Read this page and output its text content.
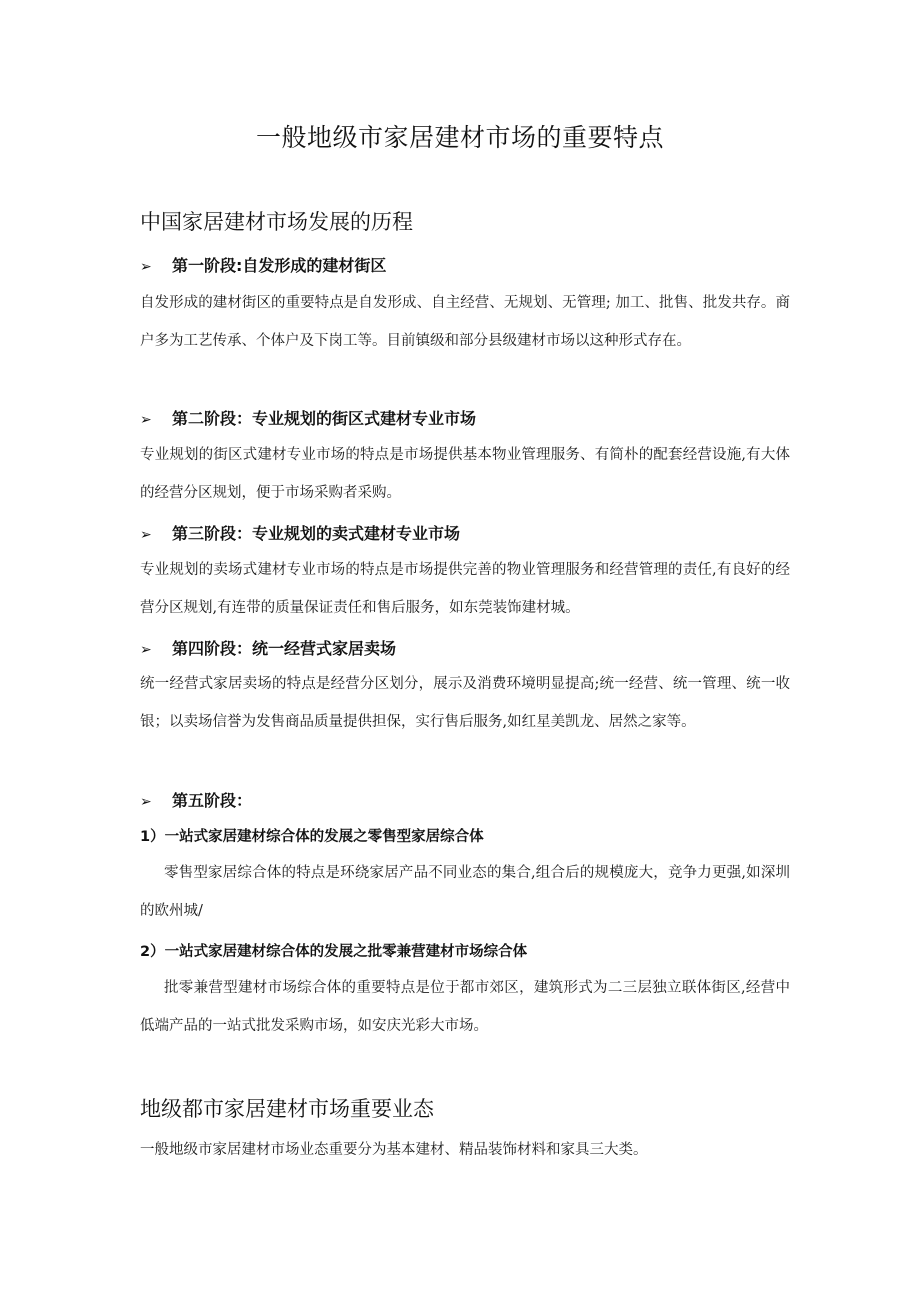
一般地级市家居建材市场的重要特点
中国家居建材市场发展的历程
➢ 第一阶段:自发形成的建材街区
自发形成的建材街区的重要特点是自发形成、自主经营、无规划、无管理; 加工、批售、批发共存。商户多为工艺传承、个体户及下岗工等。目前镇级和部分县级建材市场以这种形式存在。
➢ 第二阶段：专业规划的街区式建材专业市场
专业规划的街区式建材专业市场的特点是市场提供基本物业管理服务、有简朴的配套经营设施,有大体的经营分区规划，便于市场采购者采购。
➢ 第三阶段：专业规划的卖式建材专业市场
专业规划的卖场式建材专业市场的特点是市场提供完善的物业管理服务和经营管理的责任,有良好的经营分区规划,有连带的质量保证责任和售后服务，如东莞装饰建材城。
➢ 第四阶段：统一经营式家居卖场
统一经营式家居卖场的特点是经营分区划分，展示及消费环境明显提高;统一经营、统一管理、统一收银；以卖场信誉为发售商品质量提供担保，实行售后服务,如红星美凯龙、居然之家等。
➢ 第五阶段：
1）一站式家居建材综合体的发展之零售型家居综合体
零售型家居综合体的特点是环绕家居产品不同业态的集合,组合后的规模庞大，竞争力更强,如深圳的欧州城/
2）一站式家居建材综合体的发展之批零兼营建材市场综合体
批零兼营型建材市场综合体的重要特点是位于都市郊区，建筑形式为二三层独立联体街区,经营中低端产品的一站式批发采购市场，如安庆光彩大市场。
地级都市家居建材市场重要业态
一般地级市家居建材市场业态重要分为基本建材、精品装饰材料和家具三大类。
